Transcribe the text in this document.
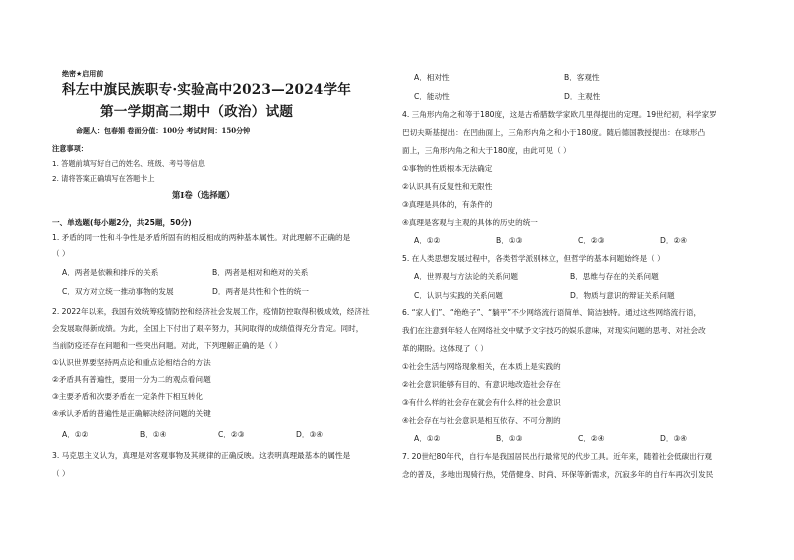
绝密★启用前
科左中旗民族职专·实验高中2023—2024学年
第一学期高二期中（政治）试题
命题人：包春娟 卷面分值：100分 考试时间：150分钟
注意事项：
1. 答题前填写好自己的姓名、班级、考号等信息
2. 请将答案正确填写在答题卡上
第Ⅰ卷（选择题）
一、单选题(每小题2分，共25题，50分)
1. 矛盾的同一性和斗争性是矛盾所固有的相反相成的两种基本属性。对此理解不正确的是
（ ）
A．两者是依赖和排斥的关系	B．两者是相对和绝对的关系
C．双方对立统一推动事物的发展	D．两者是共性和个性的统一
2. 2022年以来，我国有效统筹疫情防控和经济社会发展工作，疫情防控取得积极成效，经济社
会发展取得新成绩。为此，全国上下付出了艰辛努力，其间取得的成绩值得充分肯定。同时，
当前防疫还存在问题和一些突出问题。对此，下列理解正确的是（ ）
①认识世界要坚持两点论和重点论相结合的方法
②矛盾具有普遍性，要用一分为二的观点看问题
③主要矛盾和次要矛盾在一定条件下相互转化
④承认矛盾的普遍性是正确解决经济问题的关键
A．①②	B．①④	C．②③	D．③④
3. 马克思主义认为，真理是对客观事物及其规律的正确反映。这表明真理最基本的属性是
（ ）
A．相对性	B．客观性
C．能动性	D．主观性
4. 三角形内角之和等于180度，这是古希腊数学家欧几里得提出的定理。19世纪初，科学家罗
巴切夫斯基提出：在凹曲面上，三角形内角之和小于180度。随后德国教授提出：在球形凸
面上，三角形内角之和大于180度，由此可见（ ）
①事物的性质根本无法确定
②认识具有反复性和无限性
③真理是具体的，有条件的
④真理是客观与主观的具体的历史的统一
A．①②	B．①③	C．②③	D．②④
5. 在人类思想发展过程中，各类哲学派别林立，但哲学的基本问题始终是（ ）
A．世界观与方法论的关系问题	B．思维与存在的关系问题
C．认识与实践的关系问题	D．物质与意识的辩证关系问题
6. “家人们”、“绝绝子”、“躺平”不少网络流行语简单、简洁独特。通过这些网络流行语，
我们在注意到年轻人在网络社交中赋予文字技巧的娱乐意味，对现实问题的思考、对社会改
革的期盼。这体现了（ ）
①社会生活与网络现象相关，在本质上是实践的
②社会意识能够有目的、有意识地改造社会存在
③有什么样的社会存在就会有什么样的社会意识
④社会存在与社会意识是相互依存、不可分割的
A．①②	B．①③	C．②④	D．③④
7. 20世纪80年代，自行车是我国居民出行最常见的代步工具。近年来，随着社会低碳出行观
念的普及，多地出现骑行热，凭借健身、时尚、环保等新需求，沉寂多年的自行车再次引发民
